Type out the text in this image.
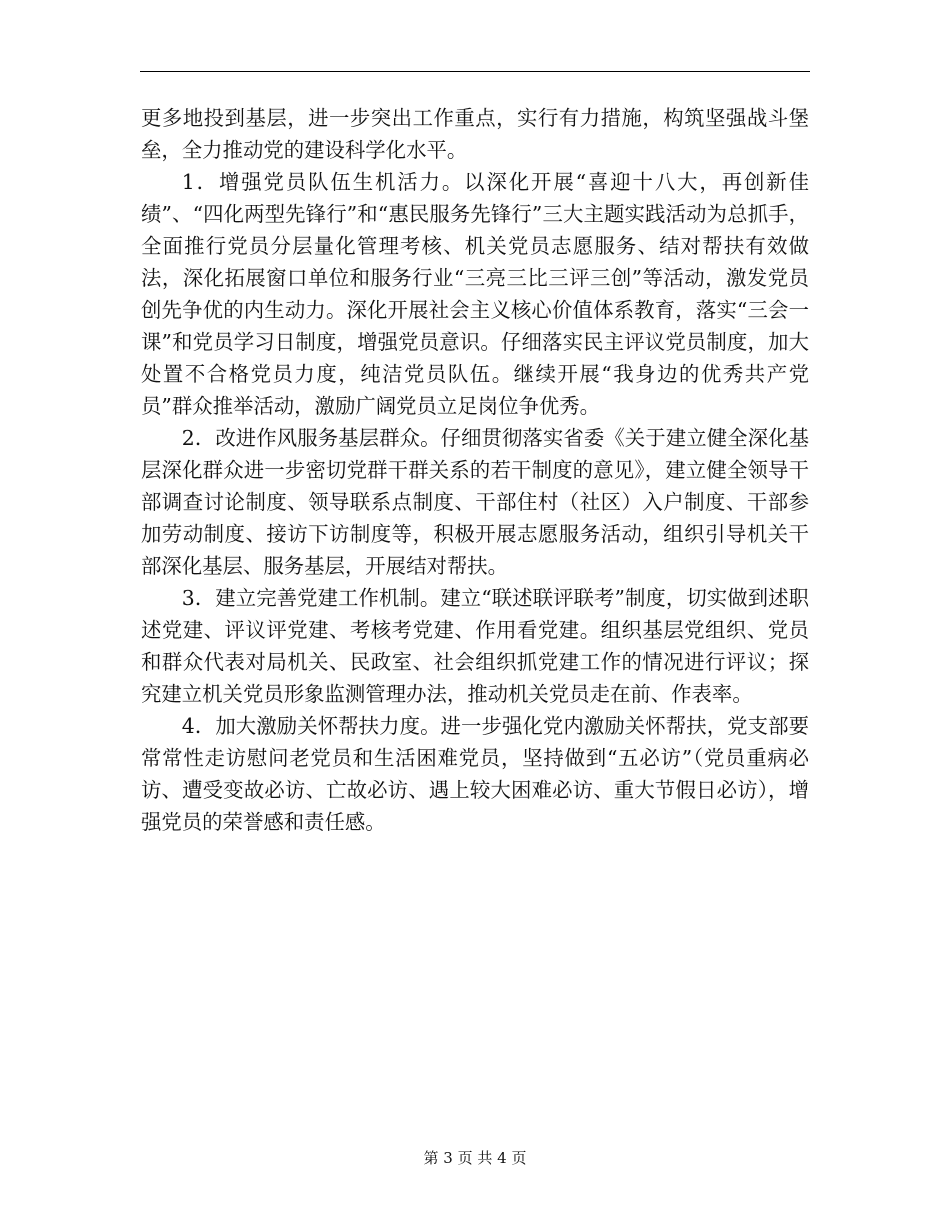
更多地投到基层，进一步突出工作重点，实行有力措施，构筑坚强战斗堡垒，全力推动党的建设科学化水平。

1．增强党员队伍生机活力。以深化开展“喜迎十八大，再创新佳绩”、“四化两型先锋行”和“惠民服务先锋行”三大主题实践活动为总抓手，全面推行党员分层量化管理考核、机关党员志愿服务、结对帮扶有效做法，深化拓展窗口单位和服务行业“三亮三比三评三创”等活动，激发党员创先争优的内生动力。深化开展社会主义核心价值体系教育，落实“三会一课”和党员学习日制度，增强党员意识。仔细落实民主评议党员制度，加大处置不合格党员力度，纯洁党员队伍。继续开展“我身边的优秀共产党员”群众推举活动，激励广阔党员立足岗位争优秀。

2．改进作风服务基层群众。仔细贯彻落实省委《关于建立健全深化基层深化群众进一步密切党群干群关系的若干制度的意见》，建立健全领导干部调查讨论制度、领导联系点制度、干部住村（社区）入户制度、干部参加劳动制度、接访下访制度等，积极开展志愿服务活动，组织引导机关干部深化基层、服务基层，开展结对帮扶。

3．建立完善党建工作机制。建立“联述联评联考”制度，切实做到述职述党建、评议评党建、考核考党建、作用看党建。组织基层党组织、党员和群众代表对局机关、民政室、社会组织抓党建工作的情况进行评议；探究建立机关党员形象监测管理办法，推动机关党员走在前、作表率。

4．加大激励关怀帮扶力度。进一步强化党内激励关怀帮扶，党支部要常常性走访慰问老党员和生活困难党员，坚持做到“五必访”（党员重病必访、遭受变故必访、亡故必访、遇上较大困难必访、重大节假日必访），增强党员的荣誉感和责任感。

第 3 页 共 4 页
